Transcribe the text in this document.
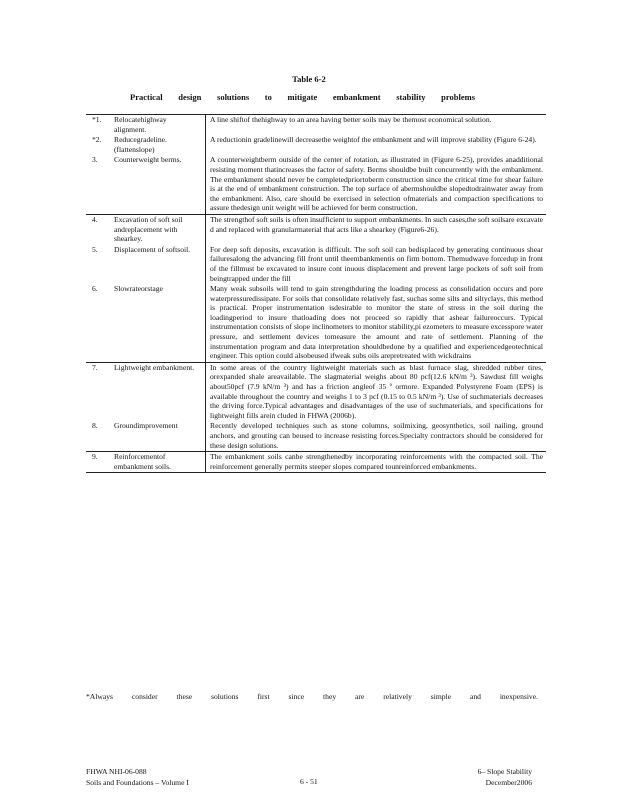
Table 6-2
Practical design solutions to mitigate embankment stability problems
*1. Relocatehighway alignment.	A line shiftof thehighway to an area having better soils may be themost economical solution.
*2. Reducegradeline. (flattenslope)	A reductionin gradelinewill decreasethe weightof the embankment and will improve stability (Figure 6-24).
3. Counterweight berms.	A counterweightberm outside of the center of rotation, as illustrated in (Figure 6-25), provides anadditional resisting moment thatincreases the factor of safety. Berms shouldbe built concurrently with the embankment. The embankment should never be completedpriortoberm construction since the critical time for shear failure is at the end of embankment construction. The top surface of abermshouldbe slopedtodrainwater away from the embankment. Also, care should be exercised in selection ofmaterials and compaction specifications to assure thedesign unit weight will be achieved for berm construction.
4. Excavation of soft soil andreplacement with shearkey.	The strengthof soft soils is often insufficient to support embankments. In such cases,the soft soilsare excavate d and replaced with granularmaterial that acts like a shearkey (Figure6-26).
5. Displacement of softsoil.	For deep soft deposits, excavation is difficult. The soft soil can bedisplaced by generating continuous shear failuresalong the advancing fill front until theembankmentis on firm bottom. Themudwave forcedup in front of the fillmust be excavated to insure cont inuous displacement and prevent large pockets of soft soil from beingtrapped under the fill
6. Slowrateorstage	Many weak subsoils will tend to gain strengthduring the loading process as consolidation occurs and pore waterpressuredissipate. For soils that consolidate relatively fast, suchas some silts and siltyclays, this method is practical. Proper instrumentation isdesirable to monitor the state of stress in the soil during the loadingperiod to insure thatloading does not proceed so rapidly that ashear failureoccurs. Typical instrumentation consists of slope inclinometers to monitor stability,pi ezometers to measure excesspore water pressure, and settlement devices tomeasure the amount and rate of settlement. Planning of the instrumentation program and data interpretation shouldbedone by a qualified and experiencedgeotechnical engineer. This option could alsobeused ifweak subs oils arepretreated with wickdrains
7. Lightweight embankment.	In some areas of the country lightweight materials such as blast furnace slag, shredded rubber tires, orexpanded shale areavailable. The slagmaterial weighs about 80 pcf(12.6 kN/m ³). Sawdust fill weighs about50pcf (7.9 kN/m ³) and has a friction angleof 35 º ormore. Expanded Polystyrene Foam (EPS) is available throughout the country and weighs 1 to 3 pcf (0.15 to 0.5 kN/m ³). Use of suchmaterials decreases the driving force.Typical advantages and disadvantages of the use of suchmaterials, and specifications for lightweight fills arein cluded in FHWA (2006b).
8. Groundimprovement	Recently developed techniques such as stone columns, soilmixing, geosynthetics, soil nailing, ground anchors, and grouting can beused to increase resisting forces.Specialty contractors should be considered for these design solutions.
9. Reinforcementof embankment soils.	The embankment soils canbe strengthenedby incorporating reinforcements with the compacted soil. The reinforcement generally permits steeper slopes compared tounreinforced embankments.
*Always consider these solutions first since they are relatively simple and inexpensive.
FHWA NHI-06-088
Soils and Foundations – Volume I	6 - 51
6– Slope Stability
December2006
